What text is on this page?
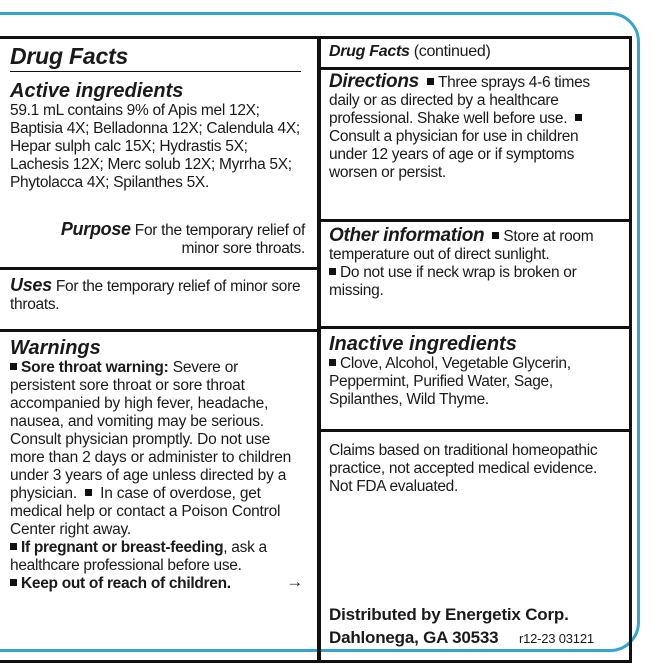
Drug Facts
Active ingredients
59.1 mL contains 9% of Apis mel 12X; Baptisia 4X; Belladonna 12X; Calendula 4X; Hepar sulph calc 15X; Hydrastis 5X; Lachesis 12X; Merc solub 12X; Myrrha 5X; Phytolacca 4X; Spilanthes 5X.
Purpose For the temporary relief of
minor sore throats.
Uses For the temporary relief of minor sore throats.
Warnings
Sore throat warning: Severe or persistent sore throat or sore throat accompanied by high fever, headache, nausea, and vomiting may be serious. Consult physician promptly. Do not use more than 2 days or administer to children under 3 years of age unless directed by a physician. In case of overdose, get medical help or contact a Poison Control Center right away.
If pregnant or breast-feeding, ask a healthcare professional before use.
Keep out of reach of children.	→
Drug Facts (continued)
Directions Three sprays 4-6 times daily or as directed by a healthcare professional. Shake well before use.  Consult a physician for use in children under 12 years of age or if symptoms worsen or persist.
Other information Store at room temperature out of direct sunlight.
Do not use if neck wrap is broken or missing.
Inactive ingredients
Clove, Alcohol, Vegetable Glycerin, Peppermint, Purified Water, Sage, Spilanthes, Wild Thyme.
Claims based on traditional homeopathic practice, not accepted medical evidence. Not FDA evaluated.
Distributed by Energetix Corp.
Dahlonega, GA 30533 r12-23 03121
